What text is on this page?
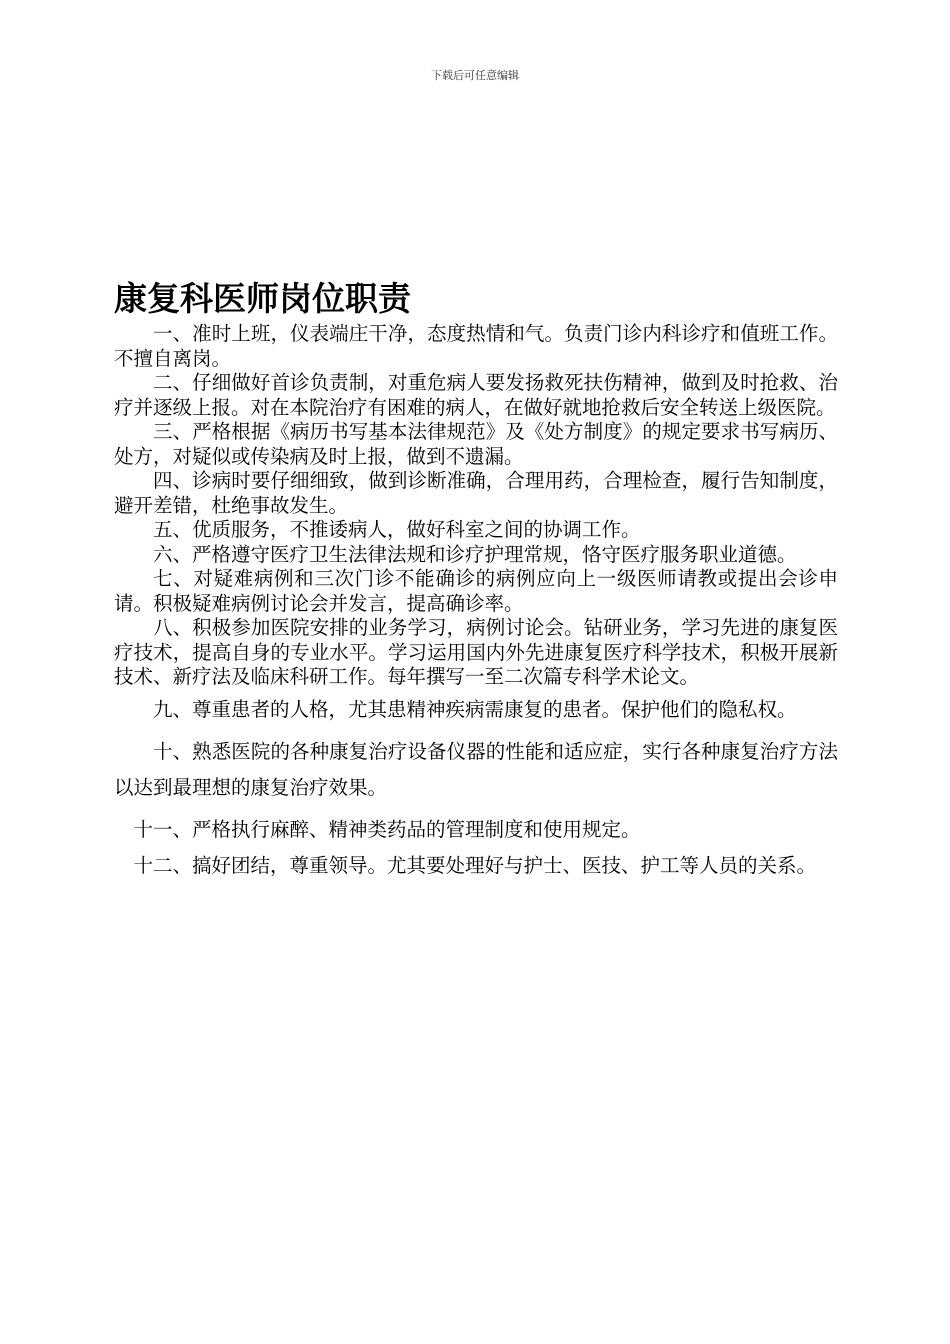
下载后可任意编辑
康复科医师岗位职责

一、准时上班，仪表端庄干净，态度热情和气。负责门诊内科诊疗和值班工作。不擅自离岗。

二、仔细做好首诊负责制，对重危病人要发扬救死扶伤精神，做到及时抢救、治疗并逐级上报。对在本院治疗有困难的病人，在做好就地抢救后安全转送上级医院。

三、严格根据《病历书写基本法律规范》及《处方制度》的规定要求书写病历、处方，对疑似或传染病及时上报，做到不遗漏。

四、诊病时要仔细细致，做到诊断准确，合理用药，合理检查，履行告知制度，避开差错，杜绝事故发生。

五、优质服务，不推诿病人，做好科室之间的协调工作。

六、严格遵守医疗卫生法律法规和诊疗护理常规，恪守医疗服务职业道德。

七、对疑难病例和三次门诊不能确诊的病例应向上一级医师请教或提出会诊申请。积极疑难病例讨论会并发言，提高确诊率。

八、积极参加医院安排的业务学习，病例讨论会。钻研业务，学习先进的康复医疗技术，提高自身的专业水平。学习运用国内外先进康复医疗科学技术，积极开展新技术、新疗法及临床科研工作。每年撰写一至二次篇专科学术论文。

九、尊重患者的人格，尤其患精神疾病需康复的患者。保护他们的隐私权。

十、熟悉医院的各种康复治疗设备仪器的性能和适应症，实行各种康复治疗方法以达到最理想的康复治疗效果。

十一、严格执行麻醉、精神类药品的管理制度和使用规定。

十二、搞好团结，尊重领导。尤其要处理好与护士、医技、护工等人员的关系。
